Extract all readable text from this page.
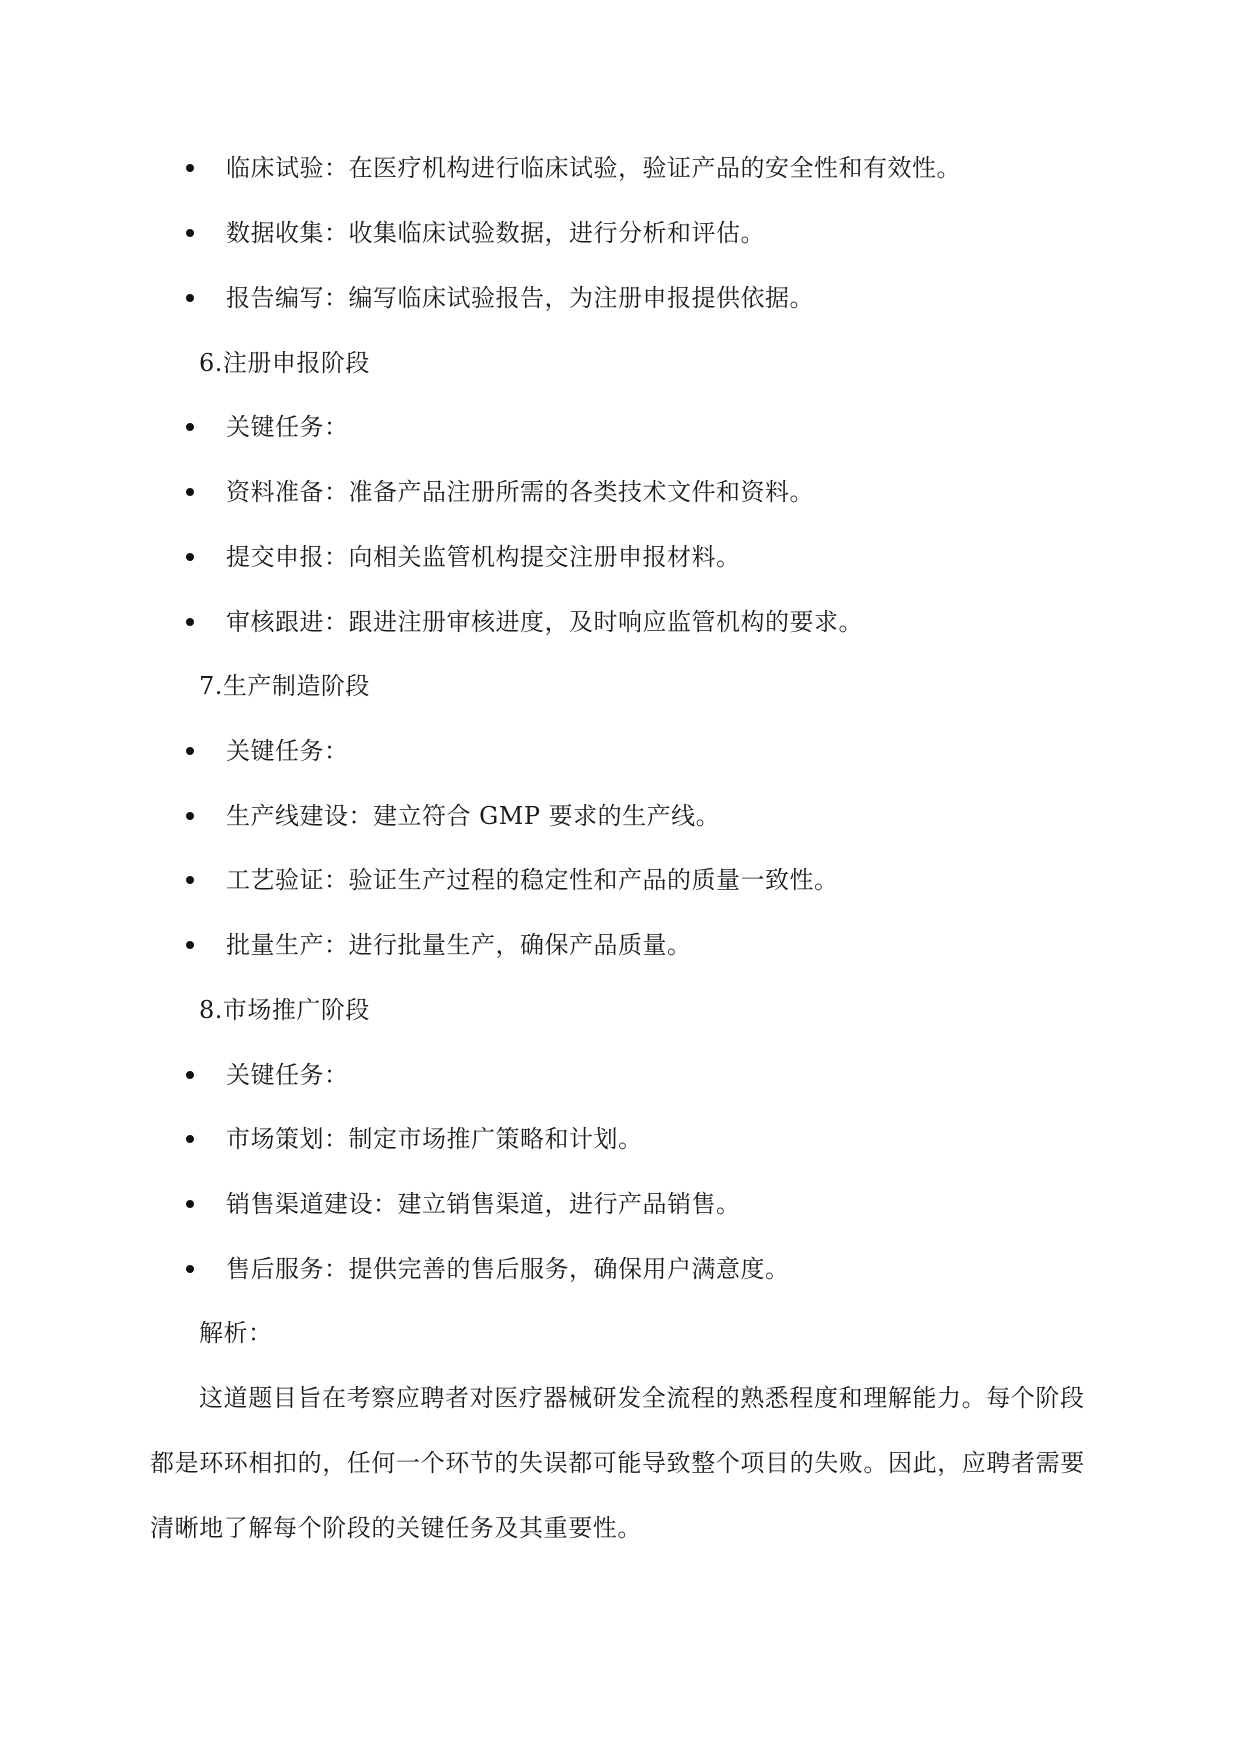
临床试验：在医疗机构进行临床试验，验证产品的安全性和有效性。
数据收集：收集临床试验数据，进行分析和评估。
报告编写：编写临床试验报告，为注册申报提供依据。
6.注册申报阶段
关键任务：
资料准备：准备产品注册所需的各类技术文件和资料。
提交申报：向相关监管机构提交注册申报材料。
审核跟进：跟进注册审核进度，及时响应监管机构的要求。
7.生产制造阶段
关键任务：
生产线建设：建立符合 GMP 要求的生产线。
工艺验证：验证生产过程的稳定性和产品的质量一致性。
批量生产：进行批量生产，确保产品质量。
8.市场推广阶段
关键任务：
市场策划：制定市场推广策略和计划。
销售渠道建设：建立销售渠道，进行产品销售。
售后服务：提供完善的售后服务，确保用户满意度。
解析：
这道题目旨在考察应聘者对医疗器械研发全流程的熟悉程度和理解能力。每个阶段
都是环环相扣的，任何一个环节的失误都可能导致整个项目的失败。因此，应聘者需要
清晰地了解每个阶段的关键任务及其重要性。
